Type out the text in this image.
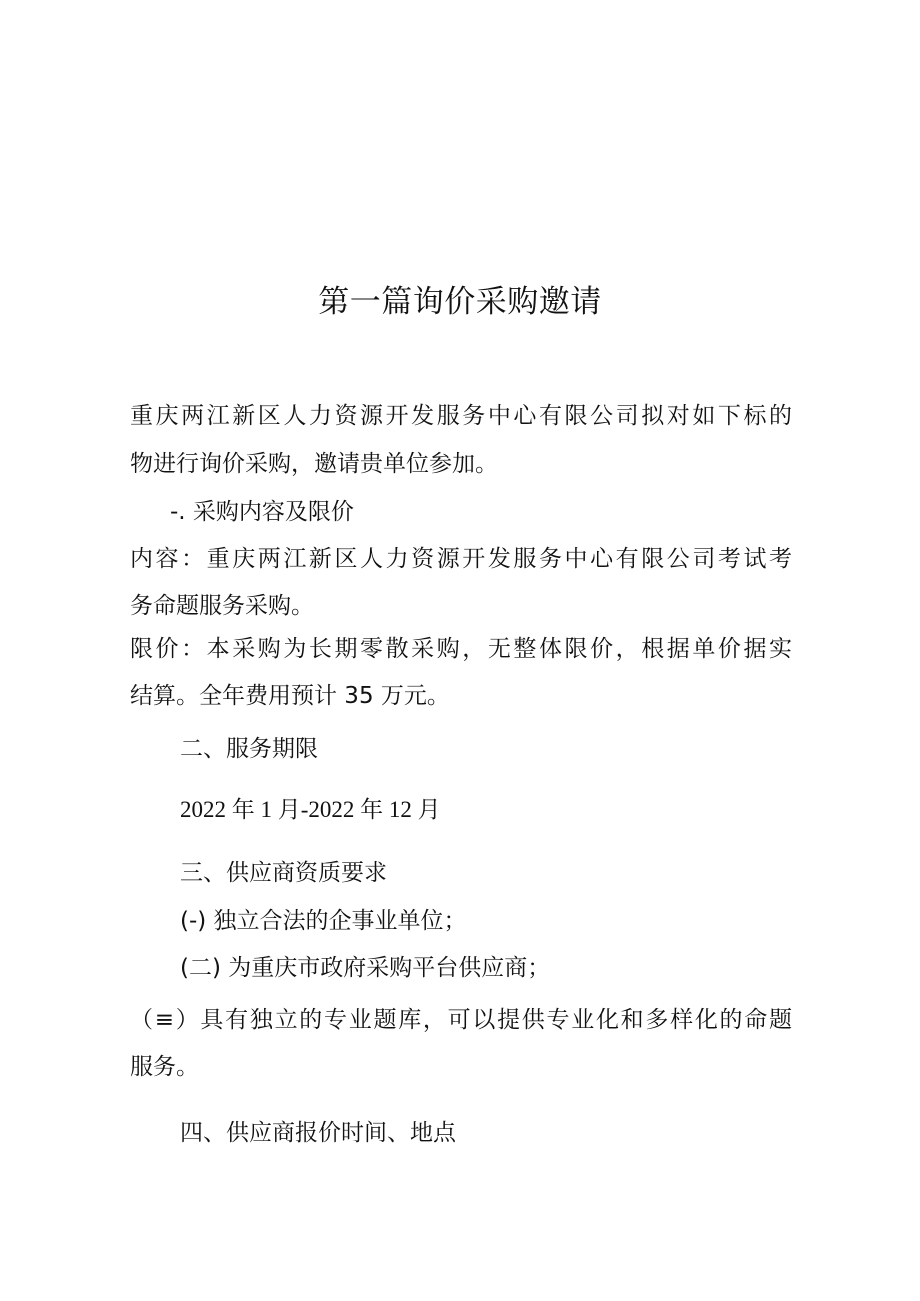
第一篇询价采购邀请
重庆两江新区人力资源开发服务中心有限公司拟对如下标的
物进行询价采购，邀请贵单位参加。
-. 采购内容及限价
内容：重庆两江新区人力资源开发服务中心有限公司考试考
务命题服务采购。
限价：本采购为长期零散采购，无整体限价，根据单价据实
结算。全年费用预计 35 万元。
二、服务期限
2022 年 1 月-2022 年 12 月
三、供应商资质要求
(-) 独立合法的企事业单位；
(二) 为重庆市政府采购平台供应商；
（≡）具有独立的专业题库，可以提供专业化和多样化的命题
服务。
四、供应商报价时间、地点
